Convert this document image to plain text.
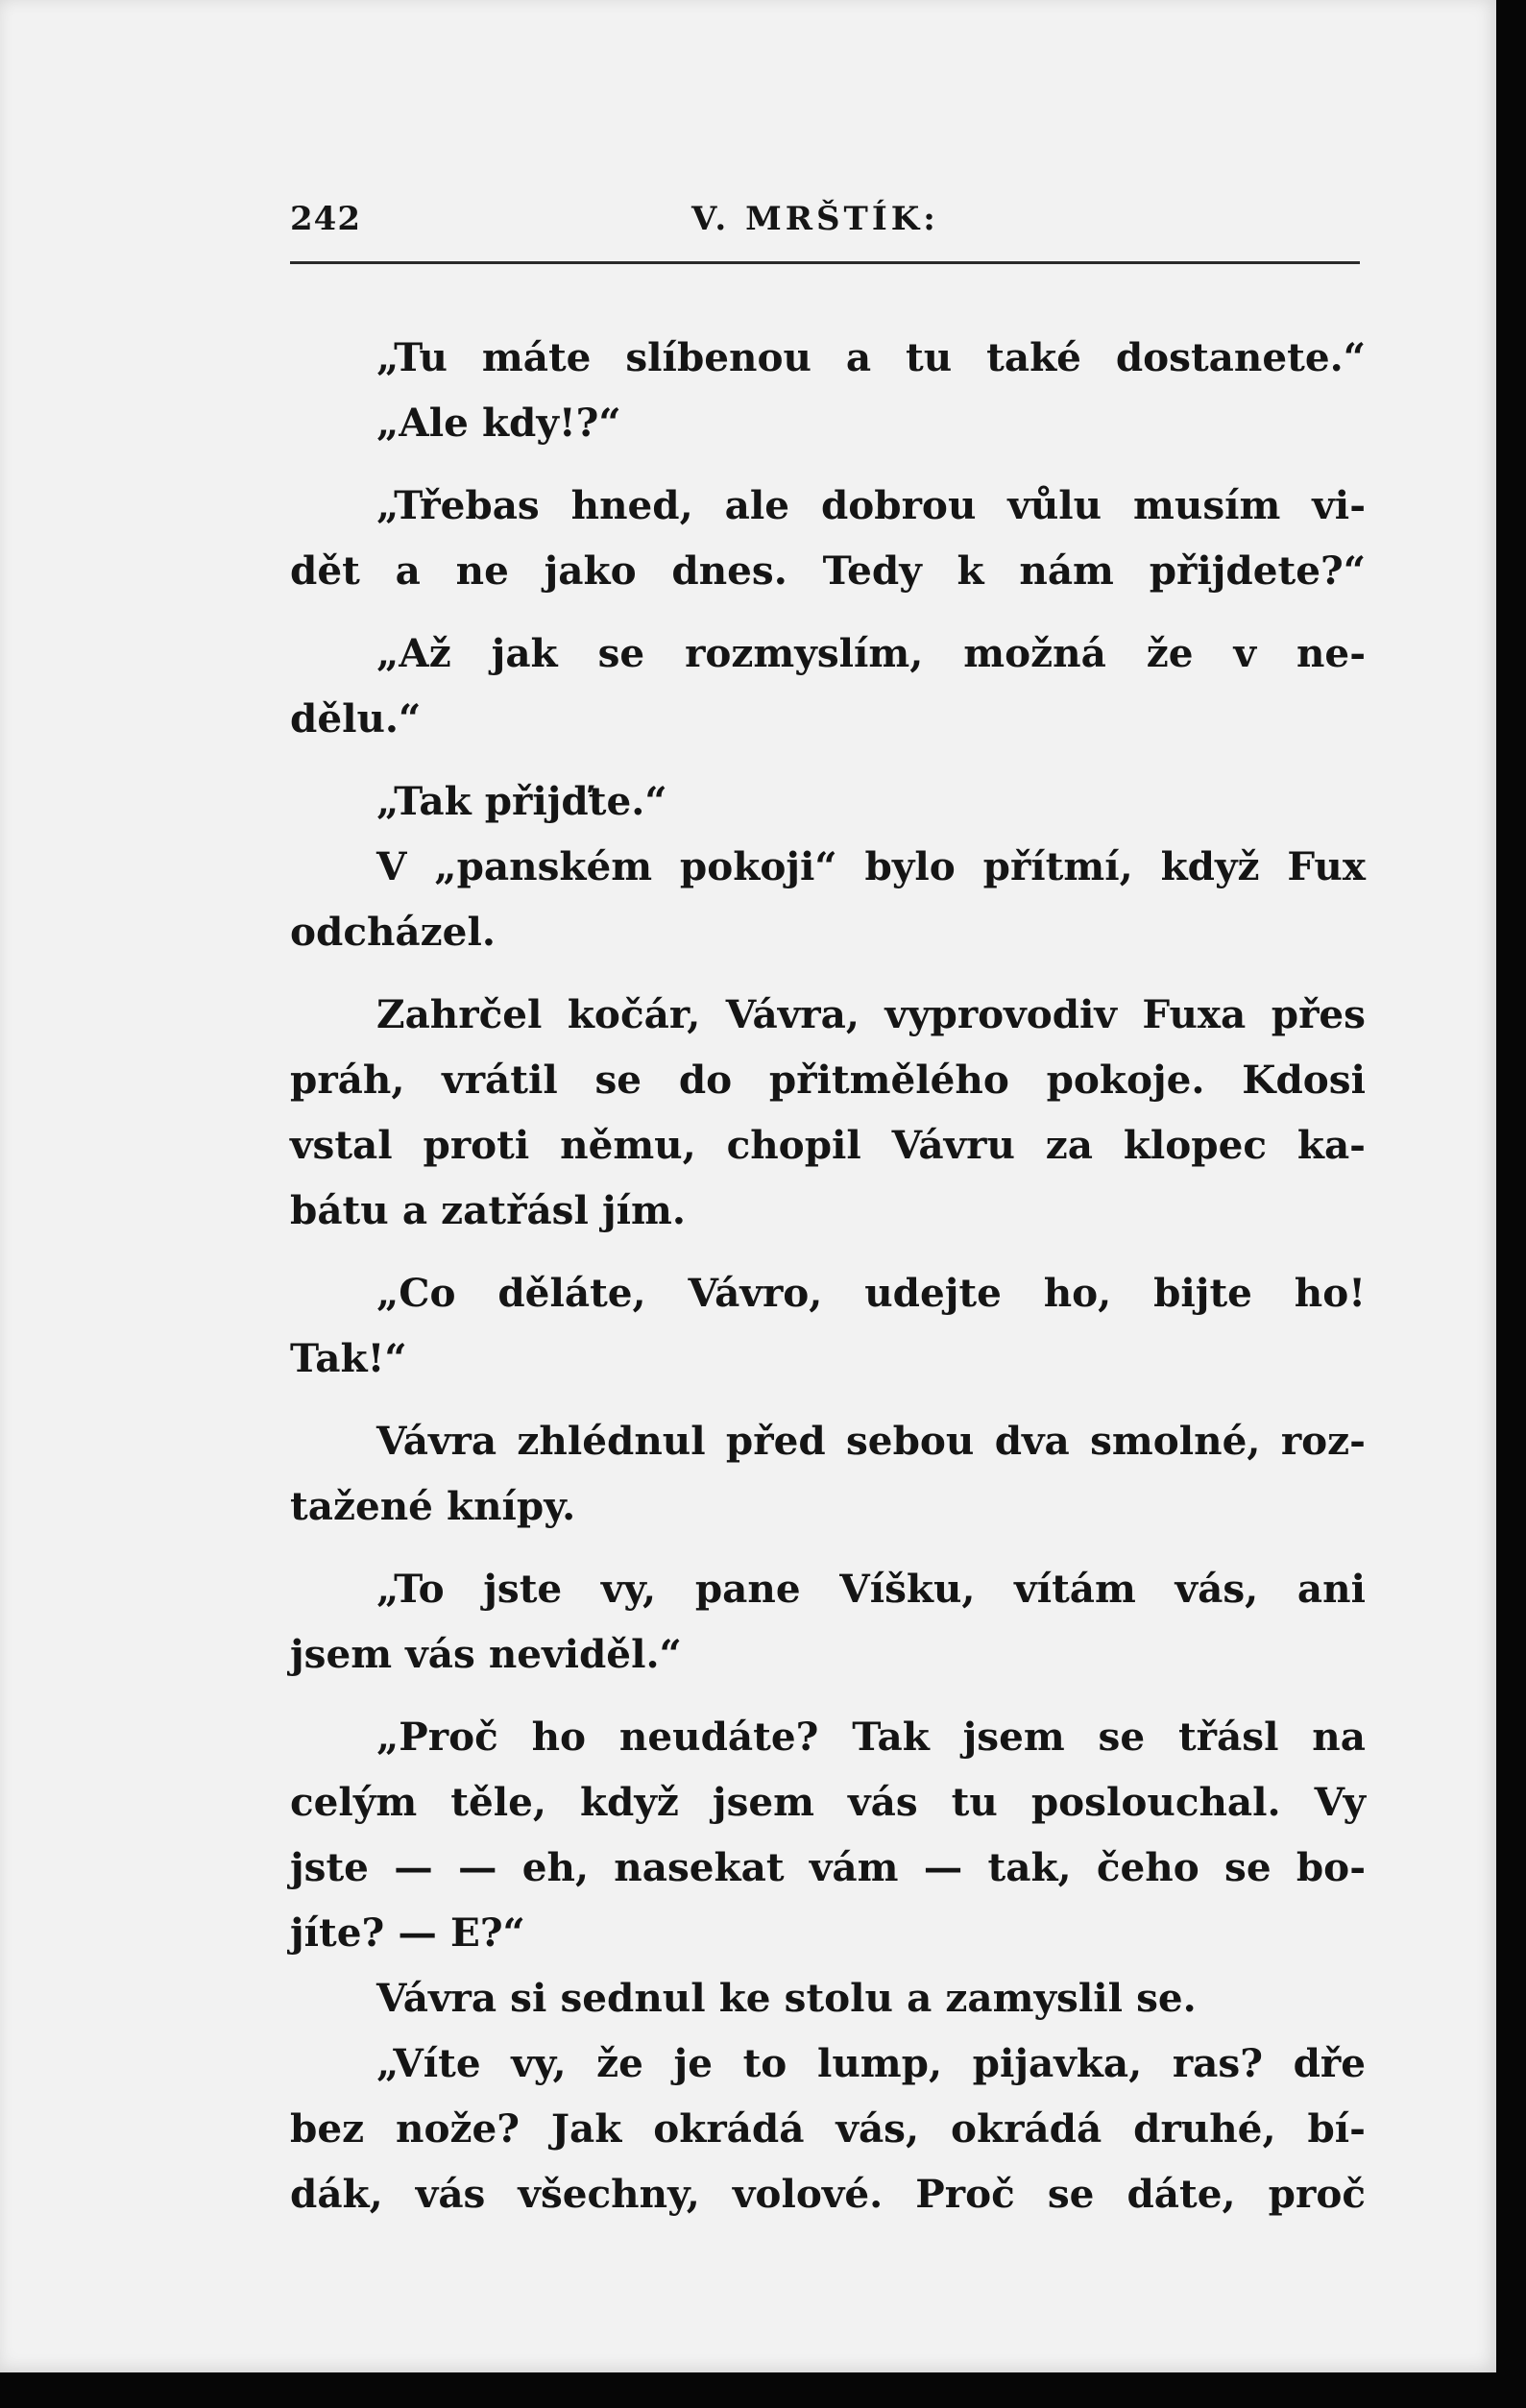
242	V. MRŠTÍK:
„Tu máte slíbenou a tu také dostanete.“
„Ale kdy!?“
„Třebas hned, ale dobrou vůlu musím vi-
dět a ne jako dnes. Tedy k nám přijdete?“
„Až jak se rozmyslím, možná že v ne-
dělu.“
„Tak přijďte.“
V „panském pokoji“ bylo přítmí, když Fux
odcházel.
Zahrčel kočár, Vávra, vyprovodiv Fuxa přes
práh, vrátil se do přitmělého pokoje. Kdosi
vstal proti němu, chopil Vávru za klopec ka-
bátu a zatřásl jím.
„Co děláte, Vávro, udejte ho, bijte ho!
Tak!“
Vávra zhlédnul před sebou dva smolné, roz-
tažené knípy.
„To jste vy, pane Víšku, vítám vás, ani
jsem vás neviděl.“
„Proč ho neudáte? Tak jsem se třásl na
celým těle, když jsem vás tu poslouchal. Vy
jste — — eh, nasekat vám — tak, čeho se bo-
jíte? — E?“
Vávra si sednul ke stolu a zamyslil se.
„Víte vy, že je to lump, pijavka, ras? dře
bez nože? Jak okrádá vás, okrádá druhé, bí-
dák, vás všechny, volové. Proč se dáte, proč
